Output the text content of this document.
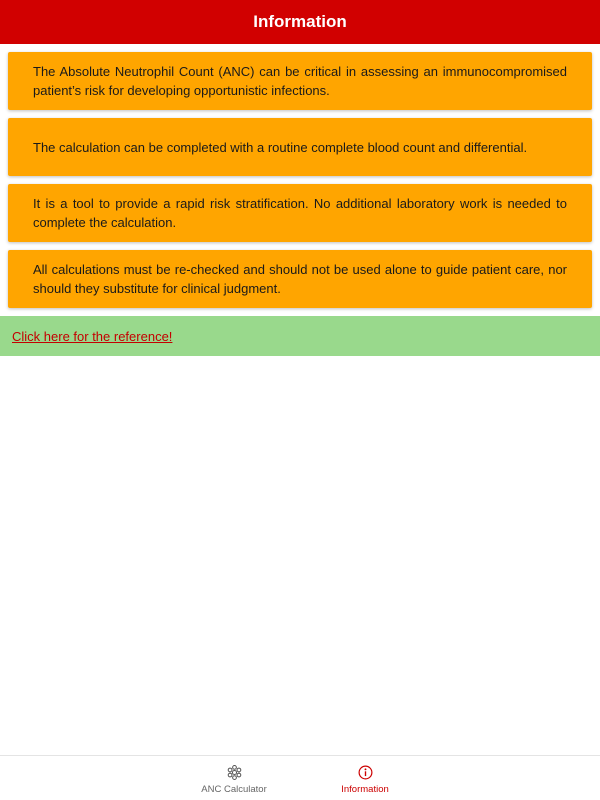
Information

The Absolute Neutrophil Count (ANC) can be critical in assessing an immunocompromised patient’s risk for developing opportunistic infections.

The calculation can be completed with a routine complete blood count and differential.

It is a tool to provide a rapid risk stratification. No additional laboratory work is needed to complete the calculation.

All calculations must be re-checked and should not be used alone to guide patient care, nor should they substitute for clinical judgment.

Click here for the reference!
ANC Calculator	Information
